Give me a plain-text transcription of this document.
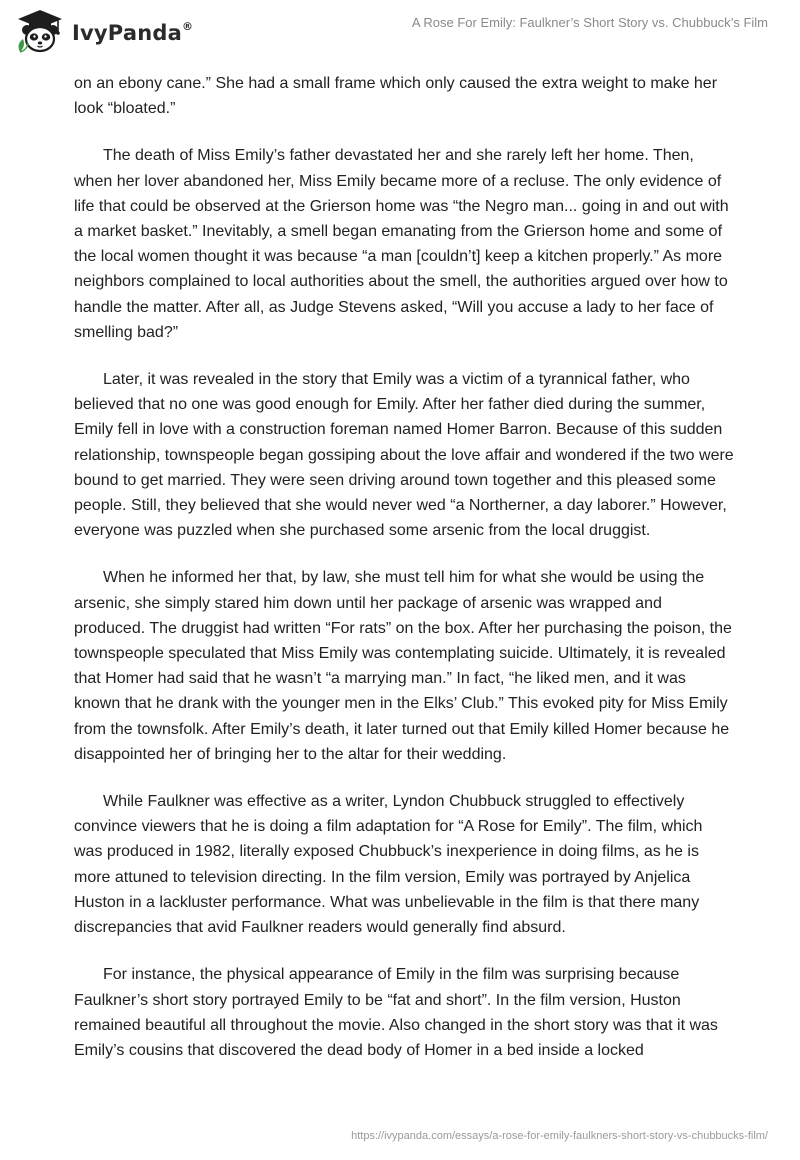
IvyPanda®	A Rose For Emily: Faulkner’s Short Story vs. Chubbuck’s Film

on an ebony cane.” She had a small frame which only caused the extra weight to make her look “bloated.”

The death of Miss Emily’s father devastated her and she rarely left her home. Then, when her lover abandoned her, Miss Emily became more of a recluse. The only evidence of life that could be observed at the Grierson home was “the Negro man... going in and out with a market basket.” Inevitably, a smell began emanating from the Grierson home and some of the local women thought it was because “a man [couldn’t] keep a kitchen properly.” As more neighbors complained to local authorities about the smell, the authorities argued over how to handle the matter. After all, as Judge Stevens asked, “Will you accuse a lady to her face of smelling bad?”

Later, it was revealed in the story that Emily was a victim of a tyrannical father, who believed that no one was good enough for Emily. After her father died during the summer, Emily fell in love with a construction foreman named Homer Barron. Because of this sudden relationship, townspeople began gossiping about the love affair and wondered if the two were bound to get married. They were seen driving around town together and this pleased some people. Still, they believed that she would never wed “a Northerner, a day laborer.” However, everyone was puzzled when she purchased some arsenic from the local druggist.

When he informed her that, by law, she must tell him for what she would be using the arsenic, she simply stared him down until her package of arsenic was wrapped and produced. The druggist had written “For rats” on the box. After her purchasing the poison, the townspeople speculated that Miss Emily was contemplating suicide. Ultimately, it is revealed that Homer had said that he wasn’t “a marrying man.” In fact, “he liked men, and it was known that he drank with the younger men in the Elks’ Club.” This evoked pity for Miss Emily from the townsfolk. After Emily’s death, it later turned out that Emily killed Homer because he disappointed her of bringing her to the altar for their wedding.

While Faulkner was effective as a writer, Lyndon Chubbuck struggled to effectively convince viewers that he is doing a film adaptation for “A Rose for Emily”. The film, which was produced in 1982, literally exposed Chubbuck’s inexperience in doing films, as he is more attuned to television directing. In the film version, Emily was portrayed by Anjelica Huston in a lackluster performance. What was unbelievable in the film is that there many discrepancies that avid Faulkner readers would generally find absurd.

For instance, the physical appearance of Emily in the film was surprising because Faulkner’s short story portrayed Emily to be “fat and short”. In the film version, Huston remained beautiful all throughout the movie. Also changed in the short story was that it was Emily’s cousins that discovered the dead body of Homer in a bed inside a locked

https://ivypanda.com/essays/a-rose-for-emily-faulkners-short-story-vs-chubbucks-film/
